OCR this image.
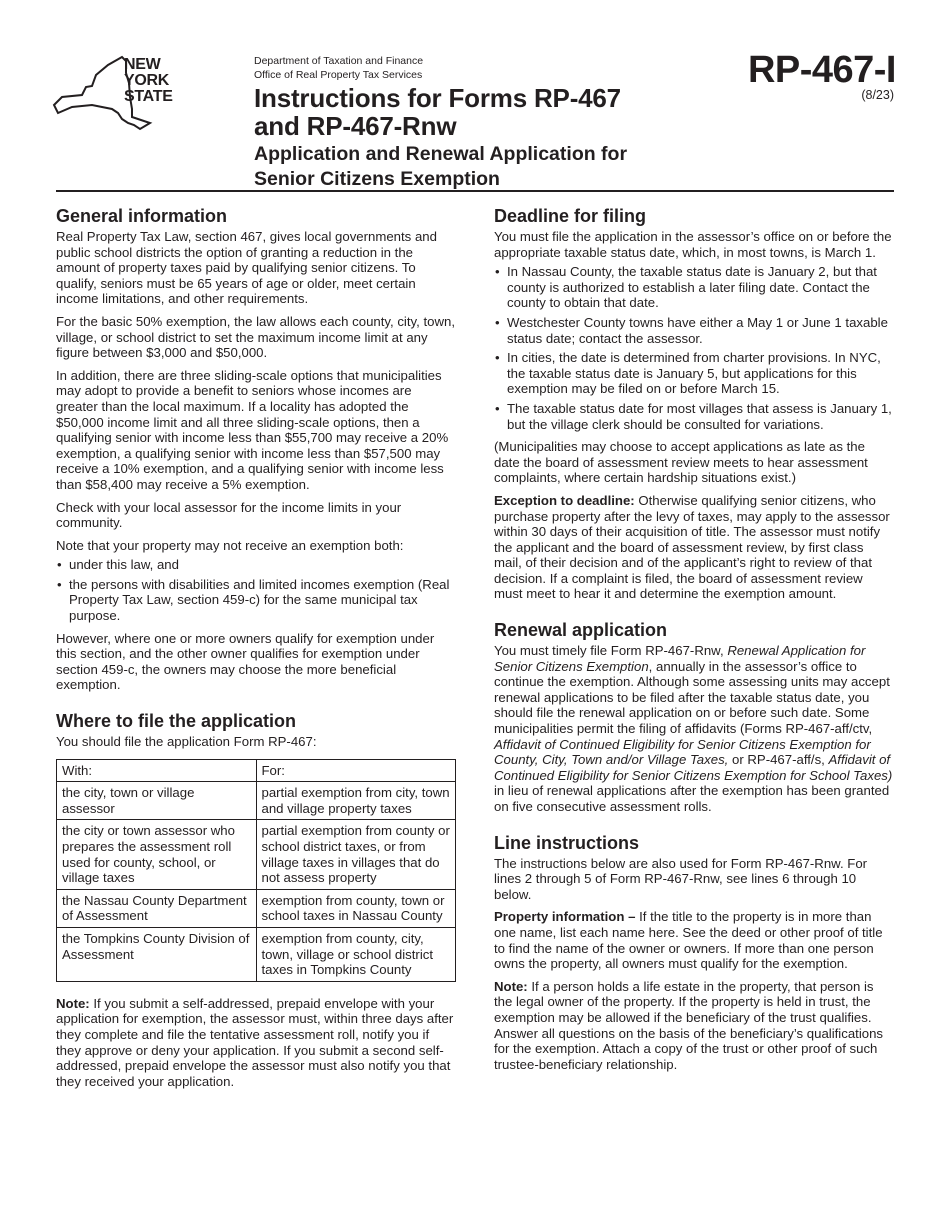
NEW
YORK
STATE
Department of Taxation and Finance
Office of Real Property Tax Services
Instructions for Forms RP-467
and RP-467-Rnw
Application and Renewal Application for
Senior Citizens Exemption
RP-467-I
(8/23)
General information

Real Property Tax Law, section 467, gives local governments and public school districts the option of granting a reduction in the amount of property taxes paid by qualifying senior citizens. To qualify, seniors must be 65 years of age or older, meet certain income limitations, and other requirements.

For the basic 50% exemption, the law allows each county, city, town, village, or school district to set the maximum income limit at any figure between $3,000 and $50,000.

In addition, there are three sliding-scale options that municipalities may adopt to provide a benefit to seniors whose incomes are greater than the local maximum. If a locality has adopted the $50,000 income limit and all three sliding-scale options, then a qualifying senior with income less than $55,700 may receive a 20% exemption, a qualifying senior with income less than $57,500 may receive a 10% exemption, and a qualifying senior with income less than $58,400 may receive a 5% exemption.

Check with your local assessor for the income limits in your community.

Note that your property may not receive an exemption both:

• under this law, and
• the persons with disabilities and limited incomes exemption (Real Property Tax Law, section 459-c) for the same municipal tax purpose.

However, where one or more owners qualify for exemption under this section, and the other owner qualifies for exemption under section 459-c, the owners may choose the more beneficial exemption.

Where to file the application

You should file the application Form RP-467:

With:	For:
the city, town or village assessor	partial exemption from city, town and village property taxes
the city or town assessor who prepares the assessment roll used for county, school, or village taxes	partial exemption from county or school district taxes, or from village taxes in villages that do not assess property
the Nassau County Department of Assessment	exemption from county, town or school taxes in Nassau County
the Tompkins County Division of Assessment	exemption from county, city, town, village or school district taxes in Tompkins County

Note: If you submit a self-addressed, prepaid envelope with your application for exemption, the assessor must, within three days after they complete and file the tentative assessment roll, notify you if they approve or deny your application. If you submit a second self-addressed, prepaid envelope the assessor must also notify you that they received your application.

Deadline for filing

You must file the application in the assessor’s office on or before the appropriate taxable status date, which, in most towns, is March 1.

• In Nassau County, the taxable status date is January 2, but that county is authorized to establish a later filing date. Contact the county to obtain that date.
• Westchester County towns have either a May 1 or June 1 taxable status date; contact the assessor.
• In cities, the date is determined from charter provisions. In NYC, the taxable status date is January 5, but applications for this exemption may be filed on or before March 15.
• The taxable status date for most villages that assess is January 1, but the village clerk should be consulted for variations.

(Municipalities may choose to accept applications as late as the date the board of assessment review meets to hear assessment complaints, where certain hardship situations exist.)

Exception to deadline: Otherwise qualifying senior citizens, who purchase property after the levy of taxes, may apply to the assessor within 30 days of their acquisition of title. The assessor must notify the applicant and the board of assessment review, by first class mail, of their decision and of the applicant’s right to review of that decision. If a complaint is filed, the board of assessment review must meet to hear it and determine the exemption amount.

Renewal application

You must timely file Form RP-467-Rnw, Renewal Application for Senior Citizens Exemption, annually in the assessor’s office to continue the exemption. Although some assessing units may accept renewal applications to be filed after the taxable status date, you should file the renewal application on or before such date. Some municipalities permit the filing of affidavits (Forms RP-467-aff/ctv, Affidavit of Continued Eligibility for Senior Citizens Exemption for County, City, Town and/or Village Taxes, or RP-467-aff/s, Affidavit of Continued Eligibility for Senior Citizens Exemption for School Taxes) in lieu of renewal applications after the exemption has been granted on five consecutive assessment rolls.

Line instructions

The instructions below are also used for Form RP-467-Rnw. For lines 2 through 5 of Form RP-467-Rnw, see lines 6 through 10 below.

Property information – If the title to the property is in more than one name, list each name here. See the deed or other proof of title to find the name of the owner or owners. If more than one person owns the property, all owners must qualify for the exemption.

Note: If a person holds a life estate in the property, that person is the legal owner of the property. If the property is held in trust, the exemption may be allowed if the beneficiary of the trust qualifies. Answer all questions on the basis of the beneficiary’s qualifications for the exemption. Attach a copy of the trust or other proof of such trustee-beneficiary relationship.
